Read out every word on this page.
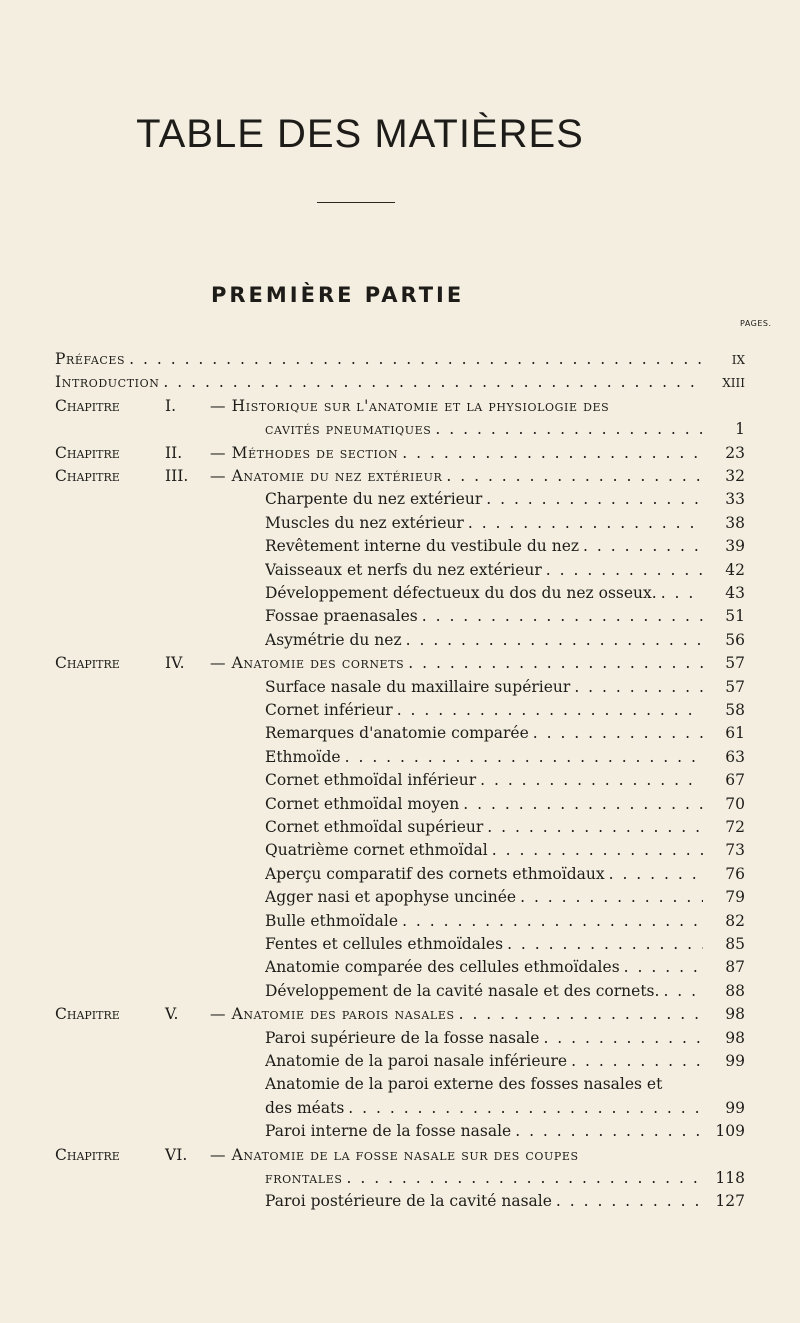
TABLE DES MATIÈRES
PREMIÈRE PARTIE
PAGES.
Préfaces . . .	IX
Introduction . . .	XIII
Chapitre	I. — Historique sur l'anatomie et la physiologie des
cavités pneumatiques . . .	1
Chapitre	II. — Méthodes de section . . .	23
Chapitre	III. — Anatomie du nez extérieur . . .	32
Charpente du nez extérieur . . .	33
Muscles du nez extérieur . . .	38
Revêtement interne du vestibule du nez . . .	39
Vaisseaux et nerfs du nez extérieur . . .	42
Développement défectueux du dos du nez osseux. . . .	43
Fossae praenasales . . .	51
Asymétrie du nez . . .	56
Chapitre	IV. — Anatomie des cornets . . .	57
Surface nasale du maxillaire supérieur . . .	57
Cornet inférieur . . .	58
Remarques d'anatomie comparée . . .	61
Ethmoïde . . .	63
Cornet ethmoïdal inférieur . . .	67
Cornet ethmoïdal moyen . . .	70
Cornet ethmoïdal supérieur . . .	72
Quatrième cornet ethmoïdal . . .	73
Aperçu comparatif des cornets ethmoïdaux . . .	76
Agger nasi et apophyse uncinée . . .	79
Bulle ethmoïdale . . .	82
Fentes et cellules ethmoïdales . . .	85
Anatomie comparée des cellules ethmoïdales . . .	87
Développement de la cavité nasale et des cornets. . . .	88
Chapitre	V. — Anatomie des parois nasales . . .	98
Paroi supérieure de la fosse nasale . . .	98
Anatomie de la paroi nasale inférieure . . .	99
Anatomie de la paroi externe des fosses nasales et
des méats . . .	99
Paroi interne de la fosse nasale . . .	109
Chapitre	VI. — Anatomie de la fosse nasale sur des coupes
frontales . . .	118
Paroi postérieure de la cavité nasale . . .	127
